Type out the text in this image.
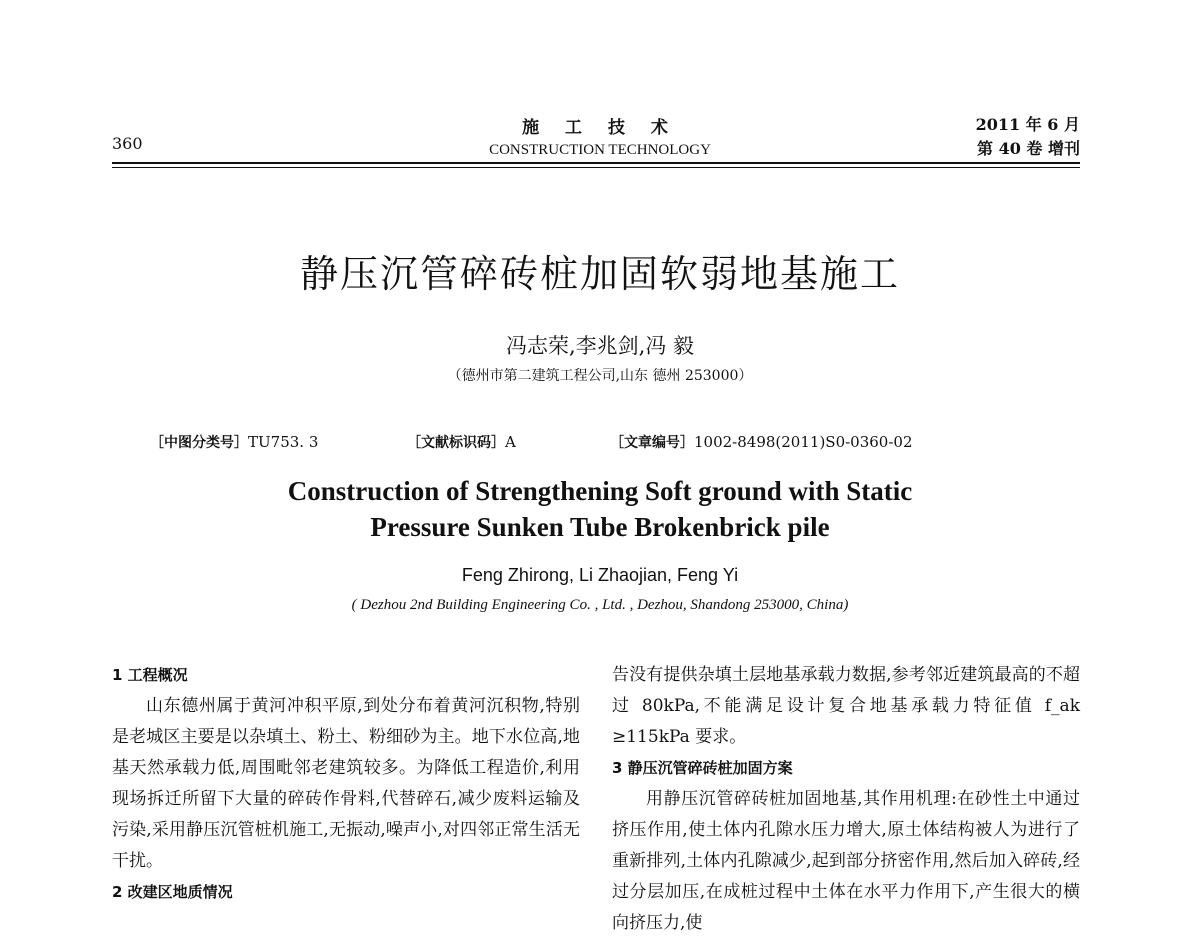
360
施 工 技 术
CONSTRUCTION TECHNOLOGY
2011 年 6 月
第 40 卷 增刊
静压沉管碎砖桩加固软弱地基施工
冯志荣,李兆剑,冯 毅
（德州市第二建筑工程公司,山东 德州 253000）
［中图分类号］TU753. 3	［文献标识码］A	［文章编号］1002-8498(2011)S0-0360-02
Construction of Strengthening Soft ground with Static
Pressure Sunken Tube Brokenbrick pile
Feng Zhirong, Li Zhaojian, Feng Yi
( Dezhou 2nd Building Engineering Co. , Ltd. , Dezhou, Shandong 253000, China)
1 工程概况
山东德州属于黄河冲积平原,到处分布着黄河沉积物,特别是老城区主要是以杂填土、粉土、粉细砂为主。地下水位高,地基天然承载力低,周围毗邻老建筑较多。为降低工程造价,利用现场拆迁所留下大量的碎砖作骨料,代替碎石,减少废料运输及污染,采用静压沉管桩机施工,无振动,噪声小,对四邻正常生活无干扰。
2 改建区地质情况
告没有提供杂填土层地基承载力数据,参考邻近建筑最高的不超过 80kPa,不能满足设计复合地基承载力特征值 f_ak ≥115kPa 要求。
3 静压沉管碎砖桩加固方案
用静压沉管碎砖桩加固地基,其作用机理:在砂性土中通过挤压作用,使土体内孔隙水压力增大,原土体结构被人为进行了重新排列,土体内孔隙减少,起到部分挤密作用,然后加入碎砖,经过分层加压,在成桩过程中土体在水平力作用下,产生很大的横向挤压力,使
